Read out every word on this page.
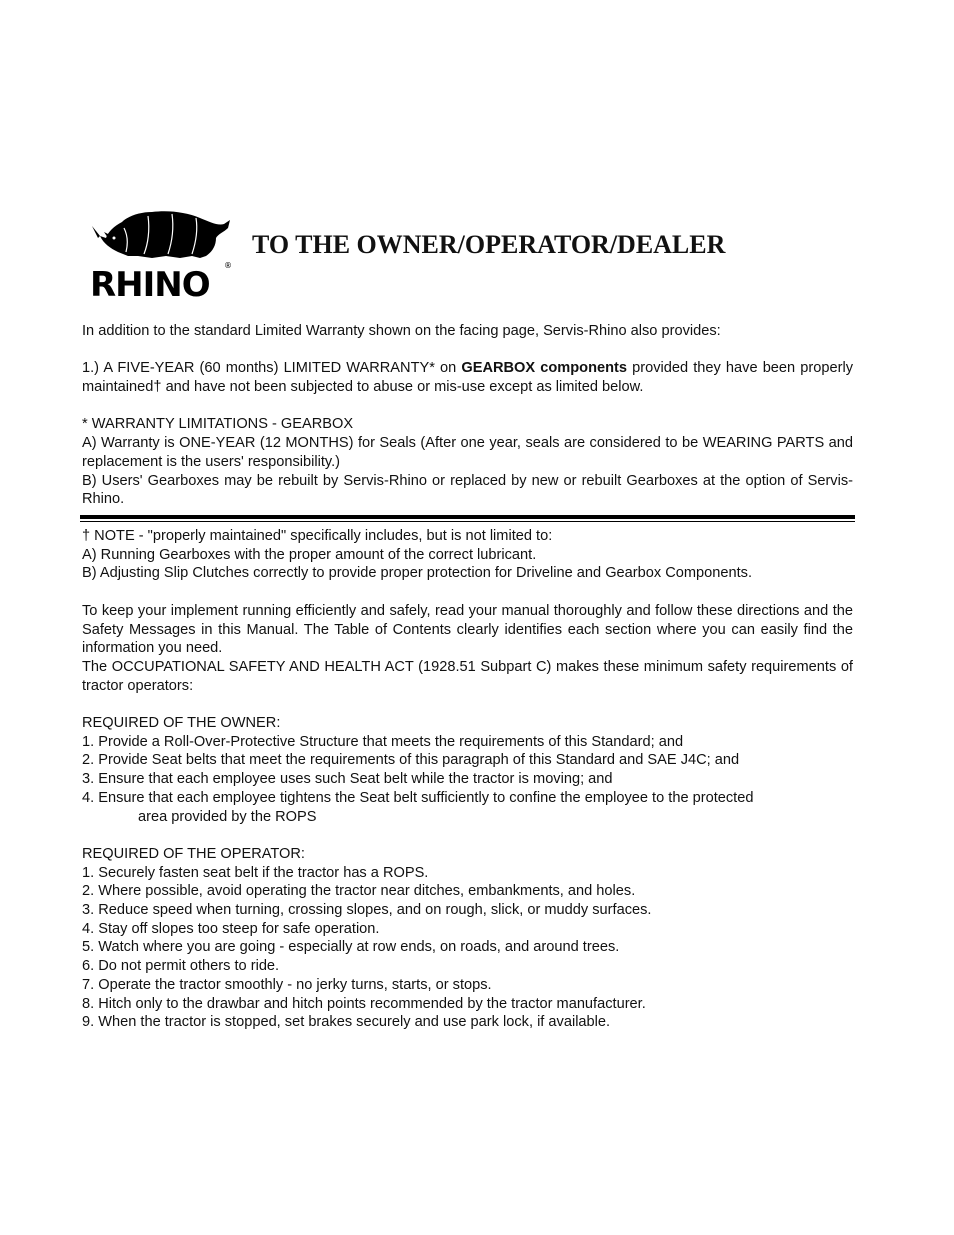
RHINO ®
TO THE OWNER/OPERATOR/DEALER

In addition to the standard Limited Warranty shown on the facing page, Servis-Rhino also provides:

1.) A FIVE-YEAR (60 months) LIMITED WARRANTY* on GEARBOX components provided they have been properly maintained† and have not been subjected to abuse or mis-use except as limited below.

* WARRANTY LIMITATIONS - GEARBOX

A) Warranty is ONE-YEAR (12 MONTHS) for Seals (After one year, seals are considered to be WEARING PARTS and replacement is the users' responsibility.)

B) Users' Gearboxes may be rebuilt by Servis-Rhino or replaced by new or rebuilt Gearboxes at the option of Servis-Rhino.

† NOTE - "properly maintained" specifically includes, but is not limited to:

A) Running Gearboxes with the proper amount of the correct lubricant.

B) Adjusting Slip Clutches correctly to provide proper protection for Driveline and Gearbox Components.

To keep your implement running efficiently and safely, read your manual thoroughly and follow these directions and the Safety Messages in this Manual. The Table of Contents clearly identifies each section where you can easily find the information you need.

The OCCUPATIONAL SAFETY AND HEALTH ACT (1928.51 Subpart C) makes these minimum safety requirements of tractor operators:

REQUIRED OF THE OWNER:

1. Provide a Roll-Over-Protective Structure that meets the requirements of this Standard; and

2. Provide Seat belts that meet the requirements of this paragraph of this Standard and SAE J4C; and

3. Ensure that each employee uses such Seat belt while the tractor is moving; and

4. Ensure that each employee tightens the Seat belt sufficiently to confine the employee to the protected

area provided by the ROPS

REQUIRED OF THE OPERATOR:

1. Securely fasten seat belt if the tractor has a ROPS.

2. Where possible, avoid operating the tractor near ditches, embankments, and holes.

3. Reduce speed when turning, crossing slopes, and on rough, slick, or muddy surfaces.

4. Stay off slopes too steep for safe operation.

5. Watch where you are going - especially at row ends, on roads, and around trees.

6. Do not permit others to ride.

7. Operate the tractor smoothly - no jerky turns, starts, or stops.

8. Hitch only to the drawbar and hitch points recommended by the tractor manufacturer.

9. When the tractor is stopped, set brakes securely and use park lock, if available.
